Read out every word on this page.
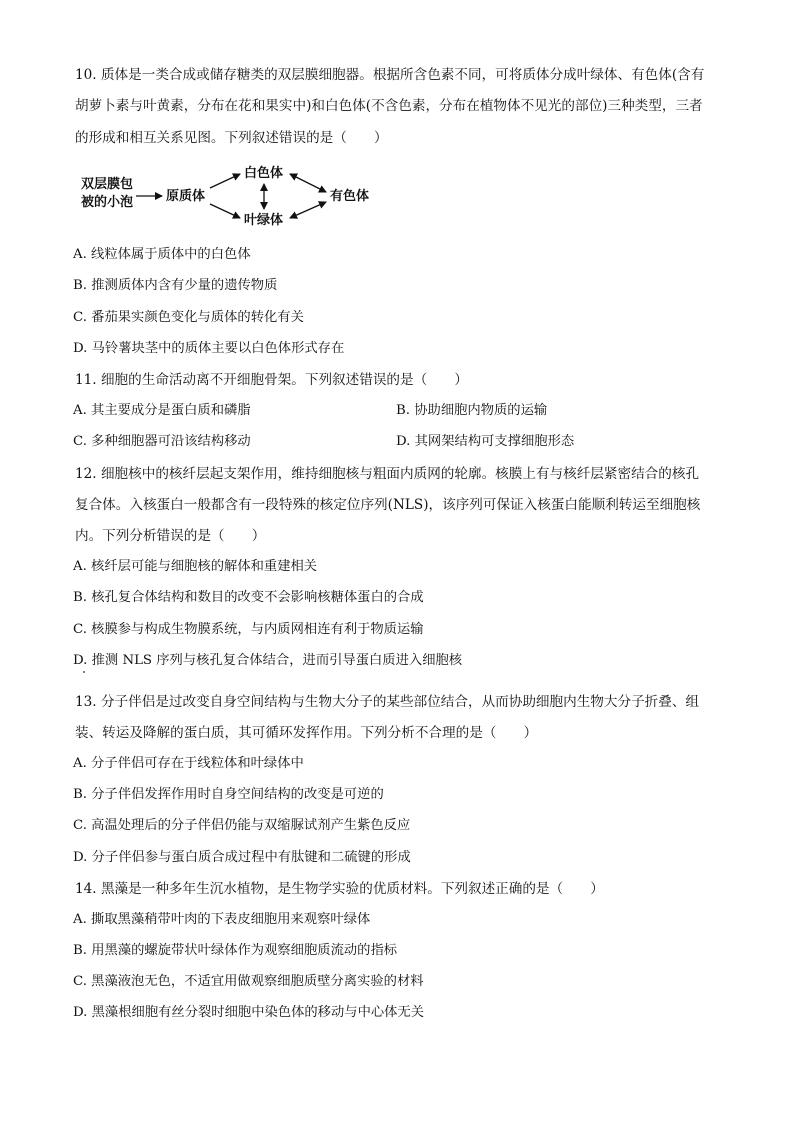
10. 质体是一类合成或储存糖类的双层膜细胞器。根据所含色素不同，可将质体分成叶绿体、有色体(含有

胡萝卜素与叶黄素，分布在花和果实中)和白色体(不含色素，分布在植物体不见光的部位)三种类型，三者

的形成和相互关系见图。下列叙述错误的是（　　）

双层膜包
被的小泡	原质体
白色体
叶绿体
有色体

A. 线粒体属于质体中的白色体

B. 推测质体内含有少量的遗传物质

C. 番茄果实颜色变化与质体的转化有关

D. 马铃薯块茎中的质体主要以白色体形式存在

11. 细胞的生命活动离不开细胞骨架。下列叙述错误的是（　　）

A. 其主要成分是蛋白质和磷脂	B. 协助细胞内物质的运输

C. 多种细胞器可沿该结构移动	D. 其网架结构可支撑细胞形态

12. 细胞核中的核纤层起支架作用，维持细胞核与粗面内质网的轮廓。核膜上有与核纤层紧密结合的核孔

复合体。入核蛋白一般都含有一段特殊的核定位序列(NLS)，该序列可保证入核蛋白能顺利转运至细胞核

内。下列分析错误的是（　　）

A. 核纤层可能与细胞核的解体和重建相关

B. 核孔复合体结构和数目的改变不会影响核糖体蛋白的合成

C. 核膜参与构成生物膜系统，与内质网相连有利于物质运输

D. 推测 NLS 序列与核孔复合体结合，进而引导蛋白质进入细胞核

13. 分子伴侣是过改变自身空间结构与生物大分子的某些部位结合，从而协助细胞内生物大分子折叠、组

装、转运及降解的蛋白质，其可循环发挥作用。下列分析不合理的是（　　）

A. 分子伴侣可存在于线粒体和叶绿体中

B. 分子伴侣发挥作用时自身空间结构的改变是可逆的

C. 高温处理后的分子伴侣仍能与双缩脲试剂产生紫色反应

D. 分子伴侣参与蛋白质合成过程中有肽键和二硫键的形成

14. 黑藻是一种多年生沉水植物，是生物学实验的优质材料。下列叙述正确的是（　　）

A. 撕取黑藻稍带叶肉的下表皮细胞用来观察叶绿体

B. 用黑藻的螺旋带状叶绿体作为观察细胞质流动的指标

C. 黑藻液泡无色，不适宜用做观察细胞质壁分离实验的材料

D. 黑藻根细胞有丝分裂时细胞中染色体的移动与中心体无关
